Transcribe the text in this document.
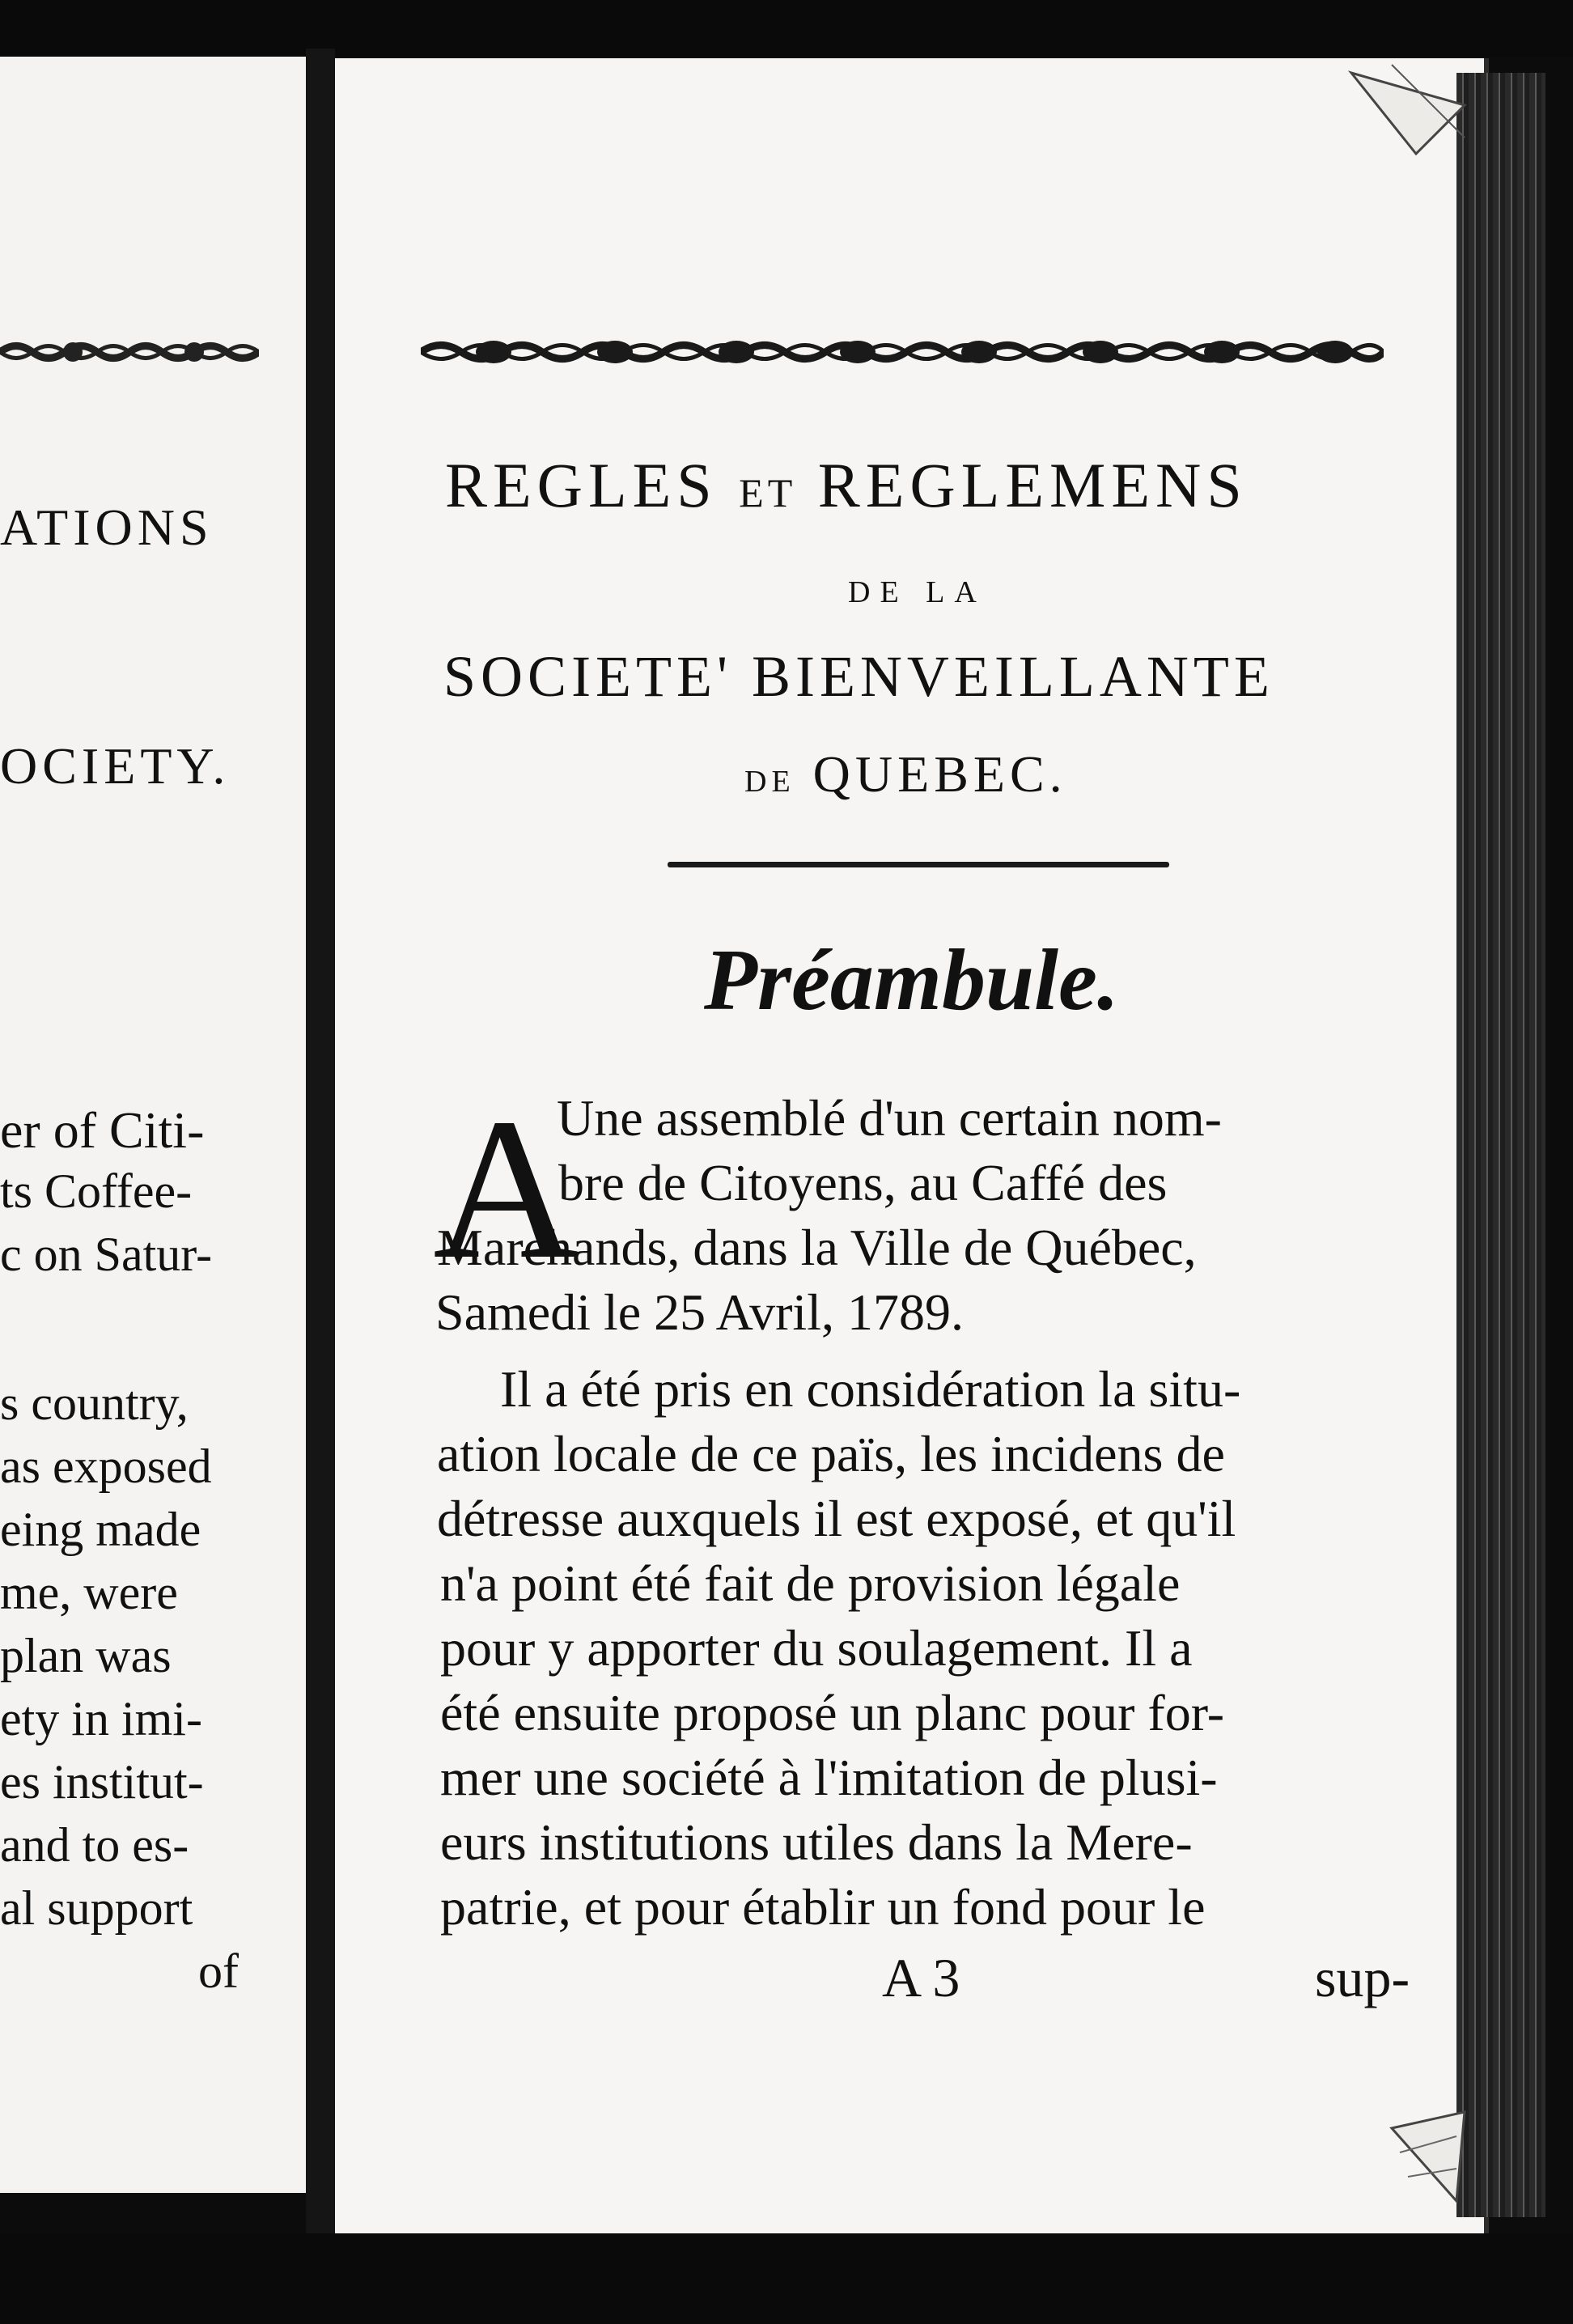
ATIONS
OCIETY.
er of Citi-
ts Coffee-
c on Satur-
s country,
as exposed
eing made
me, were
plan was
ety in imi-
es institut-
and to es-
al support
of
REGLES ET REGLEMENS
DE LA
SOCIETE' BIENVEILLANTE
DE QUEBEC.
Préambule.
A
Une assemblé d'un certain nom-
bre de Citoyens, au Caffé des
Marchands, dans la Ville de Québec,
Samedi le 25 Avril, 1789.
Il a été pris en considération la situ-
ation locale de ce païs, les incidens de
détresse auxquels il est exposé, et qu'il
n'a point été fait de provision légale
pour y apporter du soulagement. Il a
été ensuite proposé un planc pour for-
mer une société à l'imitation de plusi-
eurs institutions utiles dans la Mere-
patrie, et pour établir un fond pour le
A 3	sup-
